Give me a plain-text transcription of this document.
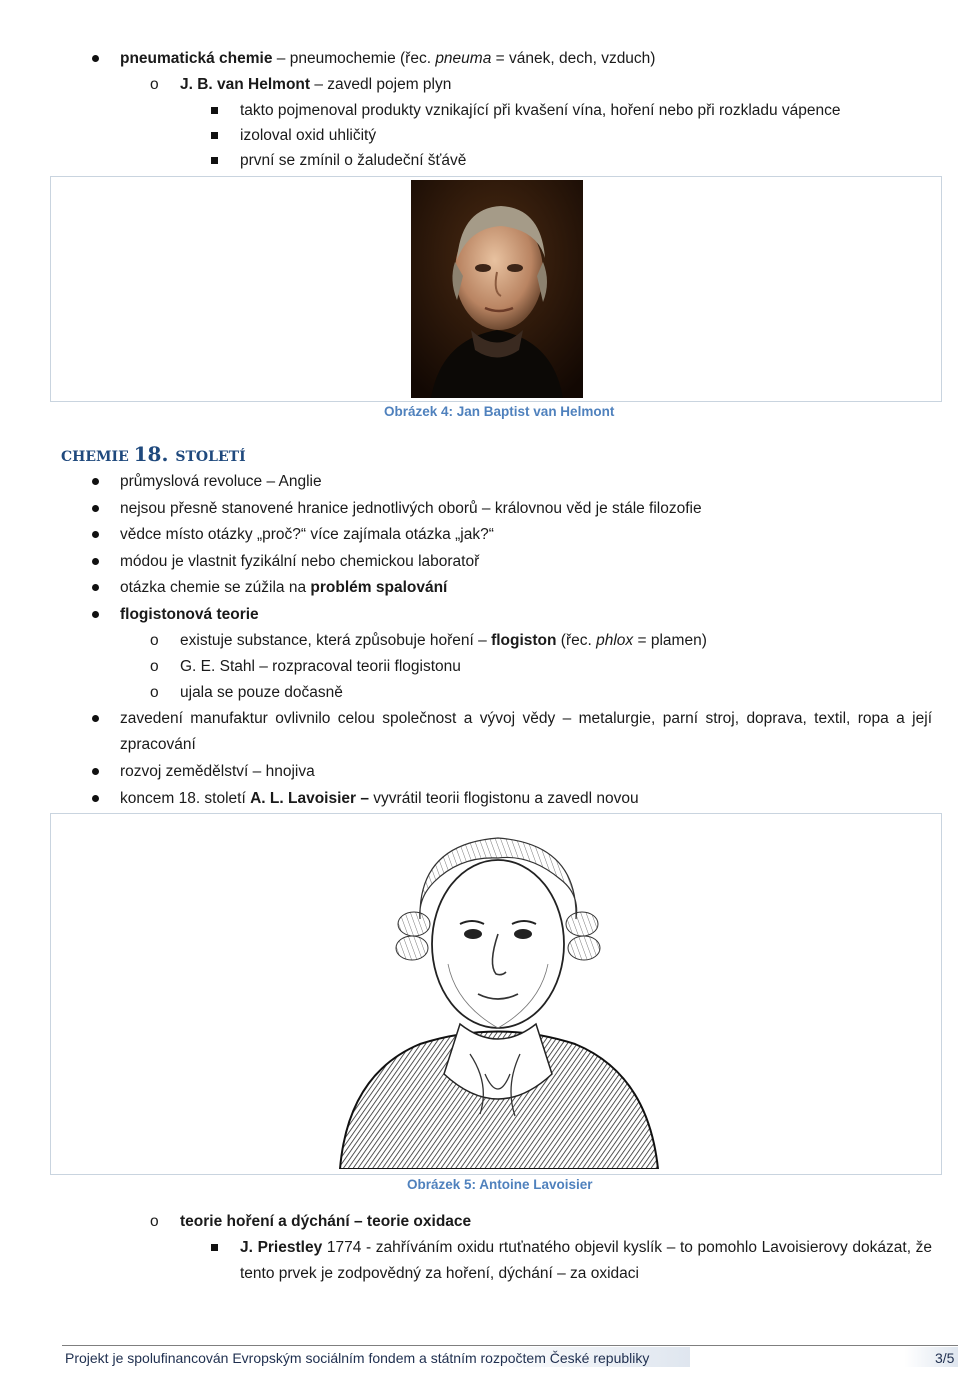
pneumatická chemie – pneumochemie (řec. pneuma = vánek, dech, vzduch)
o J. B. van Helmont – zavedl pojem plyn
takto pojmenoval produkty vznikající při kvašení vína, hoření nebo při rozkladu vápence
izoloval oxid uhličitý
první se zmínil o žaludeční šťávě
Obrázek 4: Jan Baptist van Helmont
CHEMIE 18. STOLETÍ
průmyslová revoluce – Anglie
nejsou přesně stanovené hranice jednotlivých oborů – královnou věd je stále filozofie
vědce místo otázky „proč?“ více zajímala otázka „jak?“
módou je vlastnit fyzikální nebo chemickou laboratoř
otázka chemie se zúžila na problém spalování
flogistonová teorie
o existuje substance, která způsobuje hoření – flogiston (řec. phlox = plamen)
o G. E. Stahl – rozpracoval teorii flogistonu
o ujala se pouze dočasně
zavedení manufaktur ovlivnilo celou společnost a vývoj vědy – metalurgie, parní stroj, doprava, textil, ropa a její zpracování
rozvoj zemědělství – hnojiva
koncem 18. století A. L. Lavoisier – vyvrátil teorii flogistonu a zavedl novou
Obrázek 5: Antoine Lavoisier
o teorie hoření a dýchání – teorie oxidace
J. Priestley 1774 - zahříváním oxidu rtuťnatého objevil kyslík – to pomohlo Lavoisierovy dokázat, že tento prvek je zodpovědný za hoření, dýchání – za oxidaci
Projekt je spolufinancován Evropským sociálním fondem a státním rozpočtem České republiky	3/5
